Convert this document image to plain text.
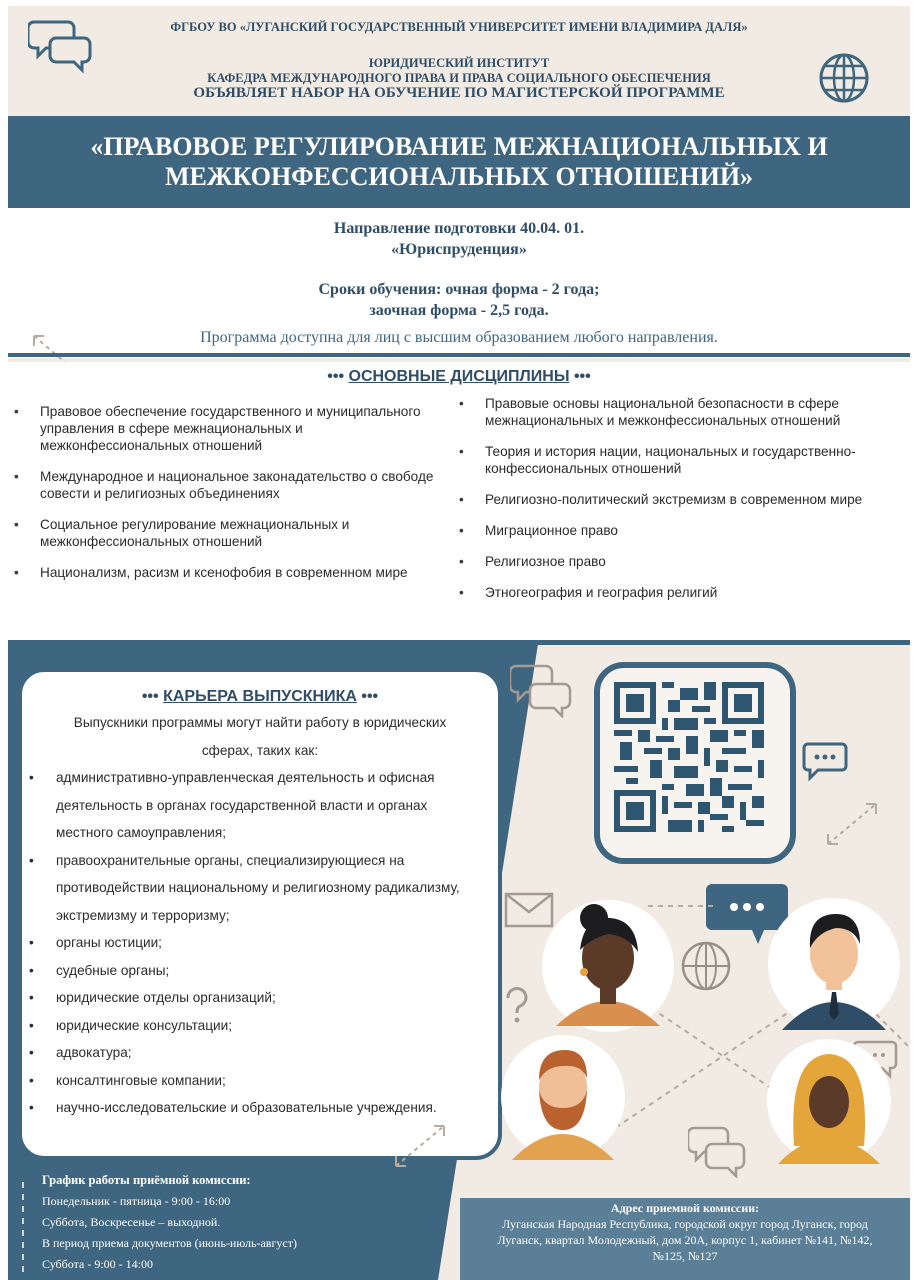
ФГБОУ ВО «ЛУГАНСКИЙ ГОСУДАРСТВЕННЫЙ УНИВЕРСИТЕТ ИМЕНИ ВЛАДИМИРА ДАЛЯ»
ЮРИДИЧЕСКИЙ ИНСТИТУТ
КАФЕДРА МЕЖДУНАРОДНОГО ПРАВА И ПРАВА СОЦИАЛЬНОГО ОБЕСПЕЧЕНИЯ
ОБЪЯВЛЯЕТ НАБОР НА ОБУЧЕНИЕ ПО МАГИСТЕРСКОЙ ПРОГРАММЕ
«ПРАВОВОЕ РЕГУЛИРОВАНИЕ МЕЖНАЦИОНАЛЬНЫХ И
МЕЖКОНФЕССИОНАЛЬНЫХ ОТНОШЕНИЙ»
Направление подготовки 40.04. 01.
«Юриспруденция»
Сроки обучения: очная форма - 2 года;
заочная форма - 2,5 года.
Программа доступна для лиц с высшим образованием любого направления.
••• ОСНОВНЫЕ ДИСЦИПЛИНЫ •••
• Правовое обеспечение государственного и муниципального управления в сфере межнациональных и межконфессиональных отношений
• Международное и национальное законадательство о свободе совести и религиозных объединениях
• Социальное регулирование межнациональных и межконфессиональных отношений
• Национализм, расизм и ксенофобия в современном мире
• Правовые основы национальной безопасности в сфере межнациональных и межконфессиональных отношений
• Теория и история нации, национальных и государственно-конфессиональных отношений
• Религиозно-политический экстремизм в современном мире
• Миграционное право
• Религиозное право
• Этногеография и география религий
••• КАРЬЕРА ВЫПУСКНИКА •••
Выпускники программы могут найти работу в юридических
сферах, таких как:
• административно-управленческая деятельность и офисная деятельность в органах государственной власти и органах местного самоуправления;
• правоохранительные органы, специализирующиеся на противодействии национальному и религиозному радикализму, экстремизму и терроризму;
• органы юстиции;
• судебные органы;
• юридические отделы организаций;
• юридические консультации;
• адвокатура;
• консалтинговые компании;
• научно-исследовательские и образовательные учреждения.
График работы приёмной комиссии:
Понедельник - пятница - 9:00 - 16:00
Суббота, Воскресенье – выходной.
В период приема документов (июнь-июль-август)
Суббота - 9:00 - 14:00
Адрес приемной комиссии:
Луганская Народная Республика, городской округ город Луганск, город
Луганск, квартал Молодежный, дом 20А, корпус 1, кабинет №141, №142,
№125, №127
